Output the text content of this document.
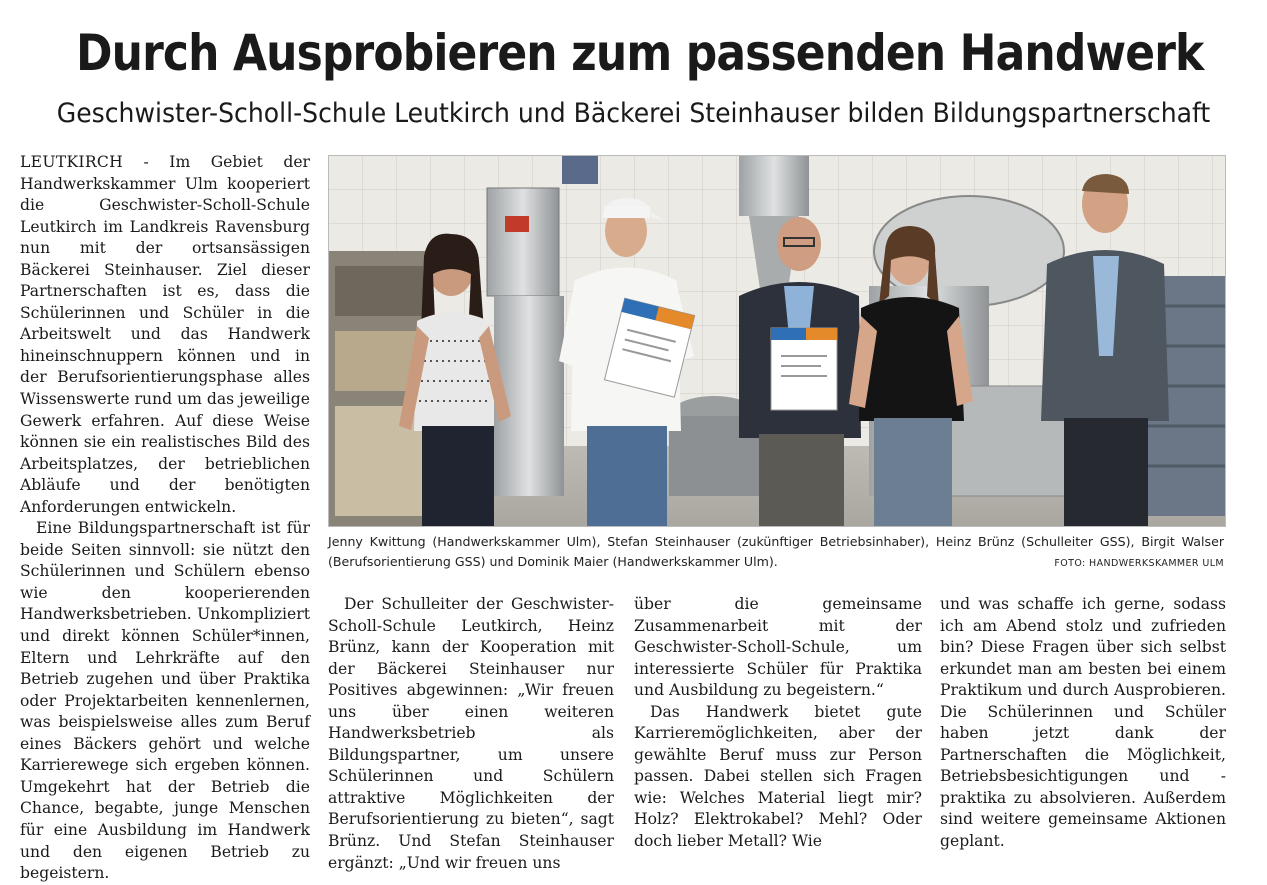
Durch Ausprobieren zum passenden Handwerk
Geschwister-Scholl-Schule Leutkirch und Bäckerei Steinhauser bilden Bildungspartnerschaft

LEUTKIRCH - Im Gebiet der Handwerkskammer Ulm kooperiert die Geschwister-Scholl-Schule Leutkirch im Landkreis Ravensburg nun mit der ortsansässigen Bäckerei Steinhauser. Ziel dieser Partnerschaften ist es, dass die Schülerinnen und Schüler in die Arbeitswelt und das Handwerk hineinschnuppern können und in der Berufsorientierungsphase alles Wissenswerte rund um das jeweilige Gewerk erfahren. Auf diese Weise können sie ein realistisches Bild des Arbeitsplatzes, der betrieblichen Abläufe und der benötigten Anforderungen entwickeln.

Eine Bildungspartnerschaft ist für beide Seiten sinnvoll: sie nützt den Schülerinnen und Schülern ebenso wie den kooperierenden Handwerksbetrieben. Unkompliziert und direkt können Schüler*innen, Eltern und Lehrkräfte auf den Betrieb zugehen und über Praktika oder Projektarbeiten kennenlernen, was beispielsweise alles zum Beruf eines Bäckers gehört und welche Karrierewege sich ergeben können. Umgekehrt hat der Betrieb die Chance, begabte, junge Menschen für eine Ausbildung im Handwerk und den eigenen Betrieb zu begeistern.

Jenny Kwittung (Handwerkskammer Ulm), Stefan Steinhauser (zukünftiger Betriebsinhaber), Heinz Brünz (Schulleiter GSS), Birgit Walser (Berufsorientierung GSS) und Dominik Maier (Handwerkskammer Ulm).	FOTO: HANDWERKSKAMMER ULM

Der Schulleiter der Geschwister-Scholl-Schule Leutkirch, Heinz Brünz, kann der Kooperation mit der Bäckerei Steinhauser nur Positives abgewinnen: „Wir freuen uns über einen weiteren Handwerksbetrieb als Bildungspartner, um unsere Schülerinnen und Schülern attraktive Möglichkeiten der Berufsorientierung zu bieten“, sagt Brünz. Und Stefan Steinhauser ergänzt: „Und wir freuen uns

über die gemeinsame Zusammenarbeit mit der Geschwister-Scholl-Schule, um interessierte Schüler für Praktika und Ausbildung zu begeistern.“

Das Handwerk bietet gute Karrieremöglichkeiten, aber der gewählte Beruf muss zur Person passen. Dabei stellen sich Fragen wie: Welches Material liegt mir? Holz? Elektrokabel? Mehl? Oder doch lieber Metall? Wie

und was schaffe ich gerne, sodass ich am Abend stolz und zufrieden bin? Diese Fragen über sich selbst erkundet man am besten bei einem Praktikum und durch Ausprobieren. Die Schülerinnen und Schüler haben jetzt dank der Partnerschaften die Möglichkeit, Betriebsbesichtigungen und -praktika zu absolvieren. Außerdem sind weitere gemeinsame Aktionen geplant.
